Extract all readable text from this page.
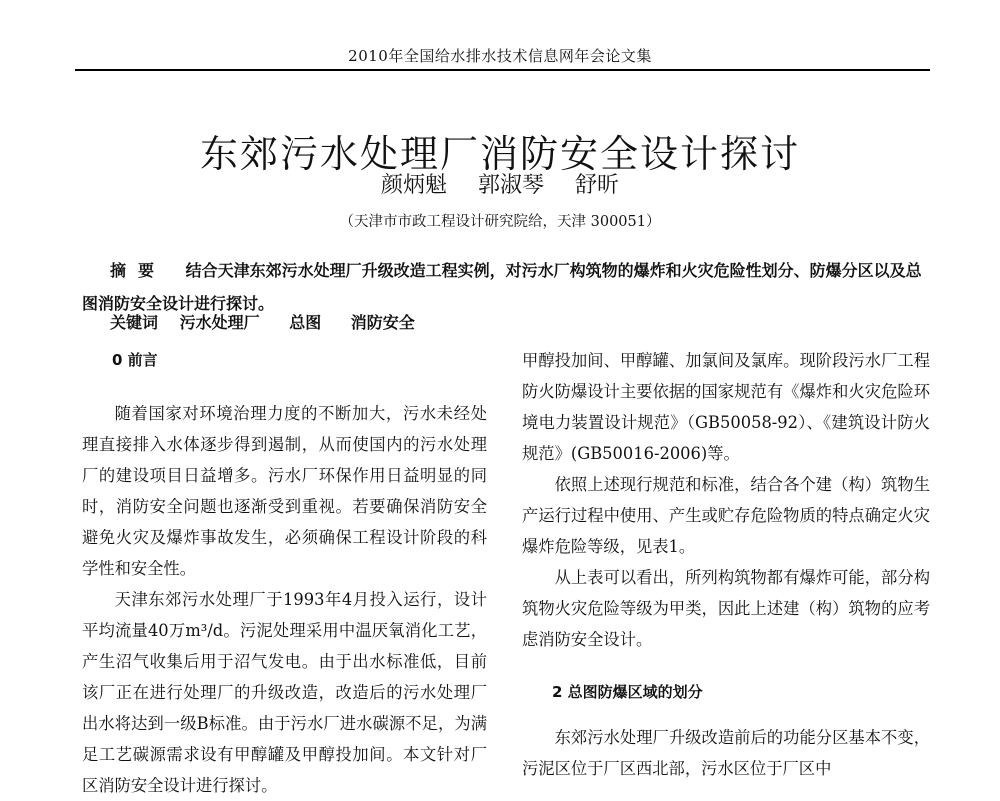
2010年全国给水排水技术信息网年会论文集
东郊污水处理厂消防安全设计探讨
颜炳魁 郭淑琴 舒昕
（天津市市政工程设计研究院给，天津 300051）
摘要 结合天津东郊污水处理厂升级改造工程实例，对污水厂构筑物的爆炸和火灾危险性划分、防爆分区以及总图消防安全设计进行探讨。
关键词 污水处理厂 总图 消防安全

0 前言

随着国家对环境治理力度的不断加大，污水未经处理直接排入水体逐步得到遏制，从而使国内的污水处理厂的建设项目日益增多。污水厂环保作用日益明显的同时，消防安全问题也逐渐受到重视。若要确保消防安全避免火灾及爆炸事故发生，必须确保工程设计阶段的科学性和安全性。

天津东郊污水处理厂于1993年4月投入运行，设计平均流量40万m³/d。污泥处理采用中温厌氧消化工艺，产生沼气收集后用于沼气发电。由于出水标准低，目前该厂正在进行处理厂的升级改造，改造后的污水处理厂出水将达到一级B标准。由于污水厂进水碳源不足，为满足工艺碳源需求设有甲醇罐及甲醇投加间。本文针对厂区消防安全设计进行探讨。

甲醇投加间、甲醇罐、加氯间及氯库。现阶段污水厂工程防火防爆设计主要依据的国家规范有《爆炸和火灾危险环境电力装置设计规范》（GB50058-92）、《建筑设计防火规范》(GB50016-2006)等。

依照上述现行规范和标准，结合各个建（构）筑物生产运行过程中使用、产生或贮存危险物质的特点确定火灾爆炸危险等级，见表1。

从上表可以看出，所列构筑物都有爆炸可能，部分构筑物火灾危险等级为甲类，因此上述建（构）筑物的应考虑消防安全设计。

2 总图防爆区域的划分

东郊污水处理厂升级改造前后的功能分区基本不变，污泥区位于厂区西北部，污水区位于厂区中
